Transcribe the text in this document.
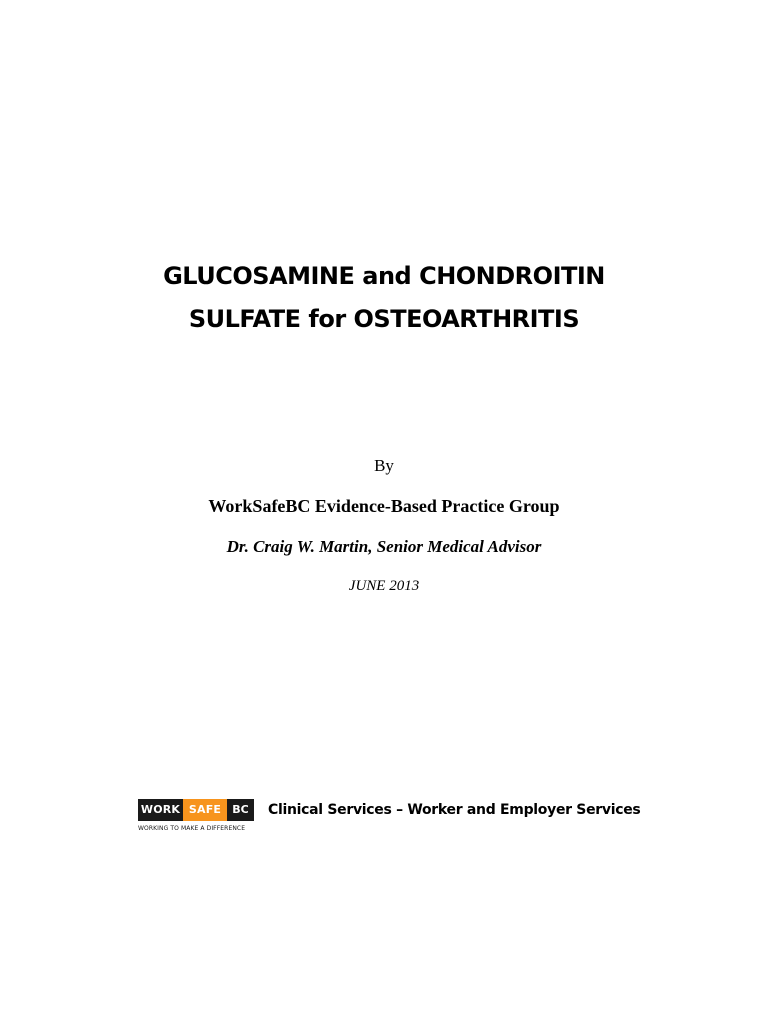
GLUCOSAMINE and CHONDROITIN
SULFATE for OSTEOARTHRITIS
By
WorkSafeBC Evidence-Based Practice Group
Dr. Craig W. Martin, Senior Medical Advisor
JUNE 2013
WORK SAFE	BC
WORKING TO MAKE A DIFFERENCE
Clinical Services – Worker and Employer Services
